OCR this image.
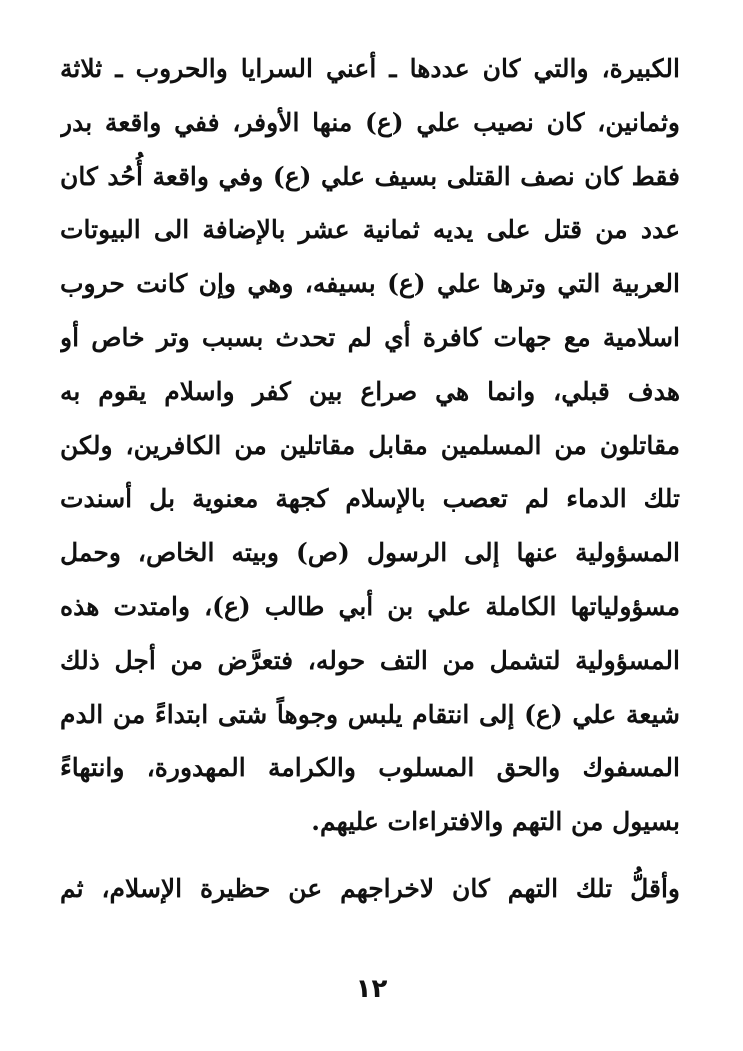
الكبيرة، والتي كان عددها ـ أعني السرايا والحروب ـ ثلاثة
وثمانين، كان نصيب علي (ع) منها الأوفر، ففي واقعة بدر
فقط كان نصف القتلى بسيف علي (ع) وفي واقعة أُحُد كان
عدد من قتل على يديه ثمانية عشر بالإضافة الى البيوتات
العربية التي وترها علي (ع) بسيفه، وهي وإن كانت حروب
اسلامية مع جهات كافرة أي لم تحدث بسبب وتر خاص أو
هدف قبلي، وانما هي صراع بين كفر واسلام يقوم به
مقاتلون من المسلمين مقابل مقاتلين من الكافرين، ولكن
تلك الدماء لم تعصب بالإسلام كجهة معنوية بل أسندت
المسؤولية عنها إلى الرسول (ص) وبيته الخاص، وحمل
مسؤولياتها الكاملة علي بن أبي طالب (ع)، وامتدت هذه
المسؤولية لتشمل من التف حوله، فتعرَّض من أجل ذلك
شيعة علي (ع) إلى انتقام يلبس وجوهاً شتى ابتداءً من الدم
المسفوك والحق المسلوب والكرامة المهدورة، وانتهاءً
بسيول من التهم والافتراءات عليهم.
وأقلُّ تلك التهم كان لاخراجهم عن حظيرة الإسلام، ثم
١٢
